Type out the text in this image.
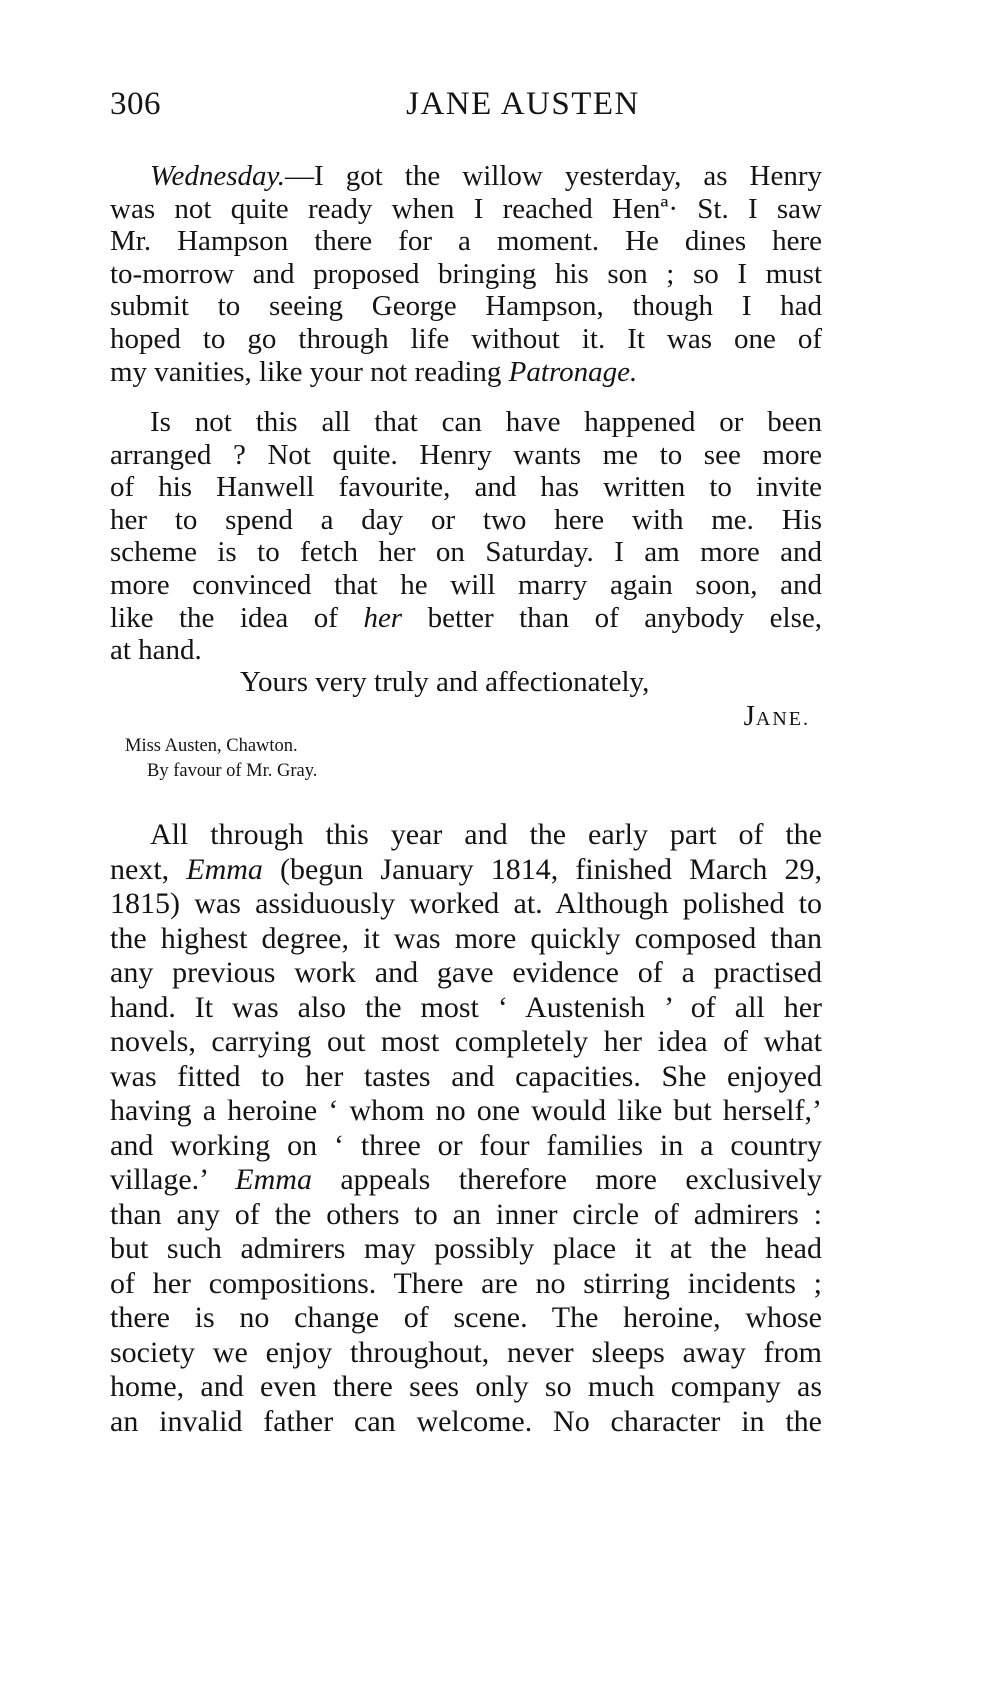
306	JANE AUSTEN

Wednesday.—I got the willow yesterday, as Henry

was not quite ready when I reached Henª· St. I saw

Mr. Hampson there for a moment. He dines here

to-morrow and proposed bringing his son ; so I must

submit to seeing George Hampson, though I had

hoped to go through life without it. It was one of

my vanities, like your not reading Patronage.

Is not this all that can have happened or been

arranged ? Not quite. Henry wants me to see more

of his Hanwell favourite, and has written to invite

her to spend a day or two here with me. His

scheme is to fetch her on Saturday. I am more and

more convinced that he will marry again soon, and

like the idea of her better than of anybody else,

at hand.

Yours very truly and affectionately,
JANE.
Miss Austen, Chawton.
By favour of Mr. Gray.

All through this year and the early part of the

next, Emma (begun January 1814, finished March 29,

1815) was assiduously worked at. Although polished to

the highest degree, it was more quickly composed than

any previous work and gave evidence of a practised

hand. It was also the most ‘ Austenish ’ of all her

novels, carrying out most completely her idea of what

was fitted to her tastes and capacities. She enjoyed

having a heroine ‘ whom no one would like but herself,’

and working on ‘ three or four families in a country

village.’ Emma appeals therefore more exclusively

than any of the others to an inner circle of admirers :

but such admirers may possibly place it at the head

of her compositions. There are no stirring incidents ;

there is no change of scene. The heroine, whose

society we enjoy throughout, never sleeps away from

home, and even there sees only so much company as

an invalid father can welcome. No character in the
